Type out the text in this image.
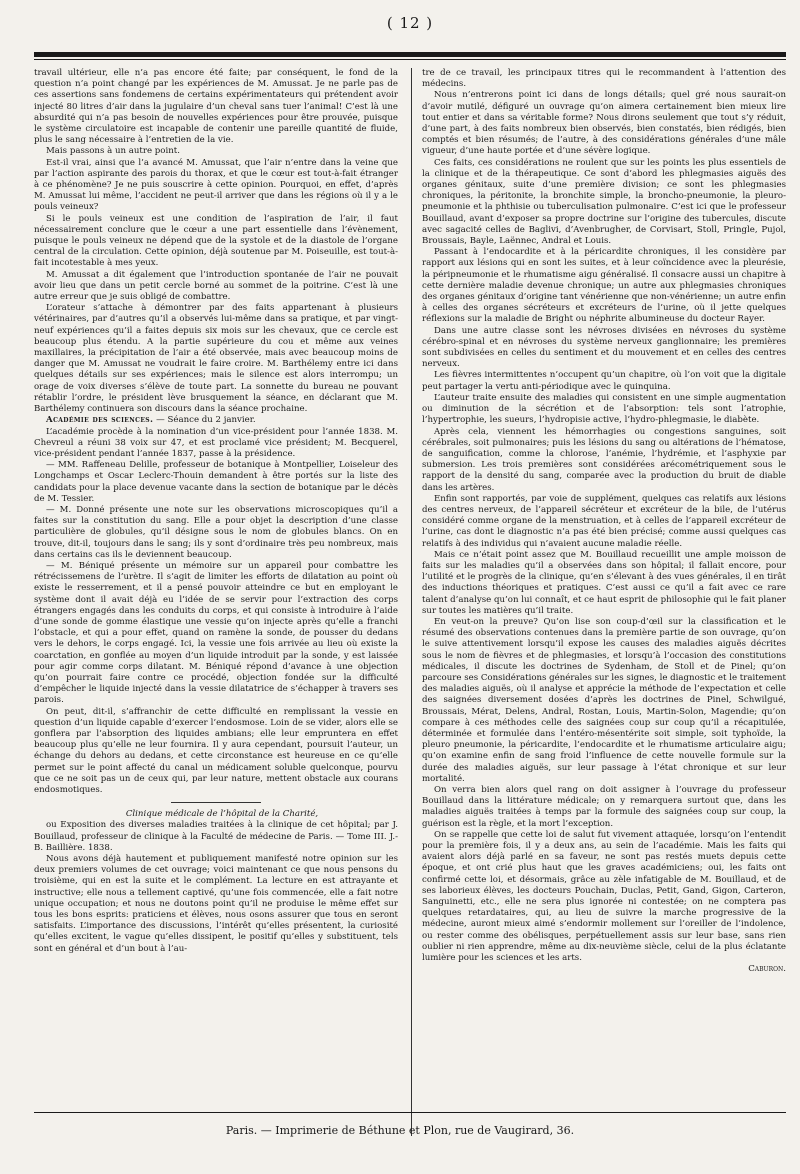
( 12 )

travail ultérieur, elle n’a pas encore été faite; par conséquent, le fond de la question n’a point changé par les expériences de M. Amussat. Je ne parle pas de ces assertions sans fondemens de certains expérimentateurs qui prétendent avoir injecté 80 litres d’air dans la jugulaire d’un cheval sans tuer l’animal! C’est là une absurdité qui n’a pas besoin de nouvelles expériences pour être prouvée, puisque le système circulatoire est incapable de contenir une pareille quantité de fluide, plus le sang nécessaire à l’entretien de la vie.

Mais passons à un autre point.

Est-il vrai, ainsi que l’a avancé M. Amussat, que l’air n’entre dans la veine que par l’action aspirante des parois du thorax, et que le cœur est tout-à-fait étranger à ce phénomène? Je ne puis souscrire à cette opinion. Pourquoi, en effet, d’après M. Amussat lui même, l’accident ne peut-il arriver que dans les régions où il y a le pouls veineux?

Si le pouls veineux est une condition de l’aspiration de l’air, il faut nécessairement conclure que le cœur a une part essentielle dans l’évènement, puisque le pouls veineux ne dépend que de la systole et de la diastole de l’organe central de la circulation. Cette opinion, déjà soutenue par M. Poiseuille, est tout-à-fait incotestable à mes yeux.

M. Amussat a dit également que l’introduction spontanée de l’air ne pouvait avoir lieu que dans un petit cercle borné au sommet de la poitrine. C’est là une autre erreur que je suis obligé de combattre.

L’orateur s’attache à démontrer par des faits appartenant à plusieurs vétérinaires, par d’autres qu’il a observés lui-même dans sa pratique, et par vingt-neuf expériences qu’il a faites depuis six mois sur les chevaux, que ce cercle est beaucoup plus étendu. A la partie supérieure du cou et même aux veines maxillaires, la précipitation de l’air a été observée, mais avec beaucoup moins de danger que M. Amussat ne voudrait le faire croire. M. Barthélemy entre ici dans quelques détails sur ses expériences; mais le silence est alors interrompu; un orage de voix diverses s’élève de toute part. La sonnette du bureau ne pouvant rétablir l’ordre, le président lève brusquement la séance, en déclarant que M. Barthélemy continuera son discours dans la séance prochaine.

Académie des sciences. — Séance du 2 janvier.

L’académie procède à la nomination d’un vice-président pour l’année 1838. M. Chevreul a réuni 38 voix sur 47, et est proclamé vice président; M. Becquerel, vice-président pendant l’année 1837, passe à la présidence.

— MM. Raffeneau Delille, professeur de botanique à Montpellier, Loiseleur des Longchamps et Oscar Leclerc-Thouin demandent à être portés sur la liste des candidats pour la place devenue vacante dans la section de botanique par le décès de M. Tessier.

— M. Donné présente une note sur les observations microscopiques qu’il a faites sur la constitution du sang. Elle a pour objet la description d’une classe particulière de globules, qu’il désigne sous le nom de globules blancs. On en trouve, dit-il, toujours dans le sang; ils y sont d’ordinaire très peu nombreux, mais dans certains cas ils le deviennent beaucoup.

— M. Béniqué présente un mémoire sur un appareil pour combattre les rétrécissemens de l’urètre. Il s’agit de limiter les efforts de dilatation au point où existe le resserrement, et il a pensé pouvoir atteindre ce but en employant le système dont il avait déjà eu l’idée de se servir pour l’extraction des corps étrangers engagés dans les conduits du corps, et qui consiste à introduire à l’aide d’une sonde de gomme élastique une vessie qu’on injecte après qu’elle a franchi l’obstacle, et qui a pour effet, quand on ramène la sonde, de pousser du dedans vers le dehors, le corps engagé. Ici, la vessie une fois arrivée au lieu où existe la coarctation, en gonflée au moyen d’un liquide introduit par la sonde, y est laissée pour agir comme corps dilatant. M. Béniqué répond d’avance à une objection qu’on pourrait faire contre ce procédé, objection fondée sur la difficulté d’empêcher le liquide injecté dans la vessie dilatatrice de s’échapper à travers ses parois.

On peut, dit-il, s’affranchir de cette difficulté en remplissant la vessie en question d’un liquide capable d’exercer l’endosmose. Loin de se vider, alors elle se gonflera par l’absorption des liquides ambians; elle leur empruntera en effet beaucoup plus qu’elle ne leur fournira. Il y aura cependant, poursuit l’auteur, un échange du dehors au dedans, et cette circonstance est heureuse en ce qu’elle permet sur le point affecté du canal un médicament soluble quelconque, pourvu que ce ne soit pas un de ceux qui, par leur nature, mettent obstacle aux courans endosmotiques.

Clinique médicale de l’hôpital de la Charité,

ou Exposition des diverses maladies traitées à la clinique de cet hôpital; par J. Bouillaud, professeur de clinique à la Faculté de médecine de Paris. — Tome III. J.-B. Baillière. 1838.

Nous avons déjà hautement et publiquement manifesté notre opinion sur les deux premiers volumes de cet ouvrage; voici maintenant ce que nous pensons du troisième, qui en est la suite et le complément. La lecture en est attrayante et instructive; elle nous a tellement captivé, qu’une fois commencée, elle a fait notre unique occupation; et nous ne doutons point qu’il ne produise le même effet sur tous les bons esprits: praticiens et élèves, nous osons assurer que tous en seront satisfaits. L’importance des discussions, l’intérêt qu’elles présentent, la curiosité qu’elles excitent, le vague qu’elles dissipent, le positif qu’elles y substituent, tels sont en général et d’un bout à l’au-

tre de ce travail, les principaux titres qui le recommandent à l’attention des médecins.

Nous n’entrerons point ici dans de longs détails; quel gré nous saurait-on d’avoir mutilé, défiguré un ouvrage qu’on aimera certainement bien mieux lire tout entier et dans sa véritable forme? Nous dirons seulement que tout s’y réduit, d’une part, à des faits nombreux bien observés, bien constatés, bien rédigés, bien comptés et bien résumés; de l’autre, à des considérations générales d’une mâle vigueur, d’une haute portée et d’une sévère logique.

Ces faits, ces considérations ne roulent que sur les points les plus essentiels de la clinique et de la thérapeutique. Ce sont d’abord les phlegmasies aiguës des organes génitaux, suite d’une première division; ce sont les phlegmasies chroniques, la péritonite, la bronchite simple, la broncho-pneumonie, la pleuro-pneumonie et la phthisie ou tuberculisation pulmonaire. C’est ici que le professeur Bouillaud, avant d’exposer sa propre doctrine sur l’origine des tubercules, discute avec sagacité celles de Baglivi, d’Avenbrugher, de Corvisart, Stoll, Pringle, Pujol, Broussais, Bayle, Laënnec, Andral et Louis.

Passant à l’endocardite et à la péricardite chroniques, il les considère par rapport aux lésions qui en sont les suites, et à leur coïncidence avec la pleurésie, la péripneumonie et le rhumatisme aigu généralisé. Il consacre aussi un chapitre à cette dernière maladie devenue chronique; un autre aux phlegmasies chroniques des organes génitaux d’origine tant vénérienne que non-vénérienne; un autre enfin à celles des organes sécréteurs et excréteurs de l’urine, où il jette quelques réflexions sur la maladie de Bright ou néphrite albumineuse du docteur Rayer.

Dans une autre classe sont les névroses divisées en névroses du système cérébro-spinal et en névroses du système nerveux ganglionnaire; les premières sont subdivisées en celles du sentiment et du mouvement et en celles des centres nerveux.

Les fièvres intermittentes n’occupent qu’un chapitre, où l’on voit que la digitale peut partager la vertu anti-périodique avec le quinquina.

L’auteur traite ensuite des maladies qui consistent en une simple augmentation ou diminution de la sécrétion et de l’absorption: tels sont l’atrophie, l’hypertrophie, les sueurs, l’hydropisie active, l’hydro-phlegmasie, le diabète.

Après cela, viennent les hémorrhagies ou congestions sanguines, soit cérébrales, soit pulmonaires; puis les lésions du sang ou altérations de l’hématose, de sanguification, comme la chlorose, l’anémie, l’hydrémie, et l’asphyxie par submersion. Les trois premières sont considérées arécométriquement sous le rapport de la densité du sang, comparée avec la production du bruit de diable dans les artères.

Enfin sont rapportés, par voie de supplément, quelques cas relatifs aux lésions des centres nerveux, de l’appareil sécréteur et excréteur de la bile, de l’utérus considéré comme organe de la menstruation, et à celles de l’appareil excréteur de l’urine, cas dont le diagnostic n’a pas été bien précisé; comme aussi quelques cas relatifs à des individus qui n’avaient aucune maladie réelle.

Mais ce n’était point assez que M. Bouillaud recueillit une ample moisson de faits sur les maladies qu’il a observées dans son hôpital; il fallait encore, pour l’utilité et le progrès de la clinique, qu’en s’élevant à des vues générales, il en tirât des inductions théoriques et pratiques. C’est aussi ce qu’il a fait avec ce rare talent d’analyse qu’on lui connaît, et ce haut esprit de philosophie qui le fait planer sur toutes les matières qu’il traite.

En veut-on la preuve? Qu’on lise son coup-d’œil sur la classification et le résumé des observations contenues dans la première partie de son ouvrage, qu’on le suive attentivement lorsqu’il expose les causes des maladies aiguës décrites sous le nom de fièvres et de phlegmasies, et lorsqu’à l’occasion des constitutions médicales, il discute les doctrines de Sydenham, de Stoll et de Pinel; qu’on parcoure ses Considérations générales sur les signes, le diagnostic et le traitement des maladies aiguës, où il analyse et apprécie la méthode de l’expectation et celle des saignées diversement dosées d’après les doctrines de Pinel, Schwilgué, Broussais, Mérat, Delens, Andral, Rostan, Louis, Martin-Solon, Magendie; qu’on compare à ces méthodes celle des saignées coup sur coup qu’il a récapitulée, déterminée et formulée dans l’entéro-mésentérite soit simple, soit typhoïde, la pleuro pneumonie, la péricardite, l’endocardite et le rhumatisme articulaire aigu; qu’on examine enfin de sang froid l’influence de cette nouvelle formule sur la durée des maladies aiguës, sur leur passage à l’état chronique et sur leur mortalité.

On verra bien alors quel rang on doit assigner à l’ouvrage du professeur Bouillaud dans la littérature médicale; on y remarquera surtout que, dans les maladies aiguës traitées à temps par la formule des saignées coup sur coup, la guérison est la règle, et la mort l’exception.

On se rappelle que cette loi de salut fut vivement attaquée, lorsqu’on l’entendit pour la première fois, il y a deux ans, au sein de l’académie. Mais les faits qui avaient alors déjà parlé en sa faveur, ne sont pas restés muets depuis cette époque, et ont crié plus haut que les graves académiciens; oui, les faits ont confirmé cette loi, et désormais, grâce au zèle infatigable de M. Bouillaud, et de ses laborieux élèves, les docteurs Pouchain, Duclas, Petit, Gand, Gigon, Carteron, Sanguinetti, etc., elle ne sera plus ignorée ni contestée; on ne comptera pas quelques retardataires, qui, au lieu de suivre la marche progressive de la médecine, auront mieux aimé s’endormir mollement sur l’oreiller de l’indolence, ou rester comme des obélisques, perpétuellement assis sur leur base, sans rien oublier ni rien apprendre, même au dix-neuvième siècle, celui de la plus éclatante lumière pour les sciences et les arts.

Caburon.

Paris. — Imprimerie de Béthune et Plon, rue de Vaugirard, 36.
